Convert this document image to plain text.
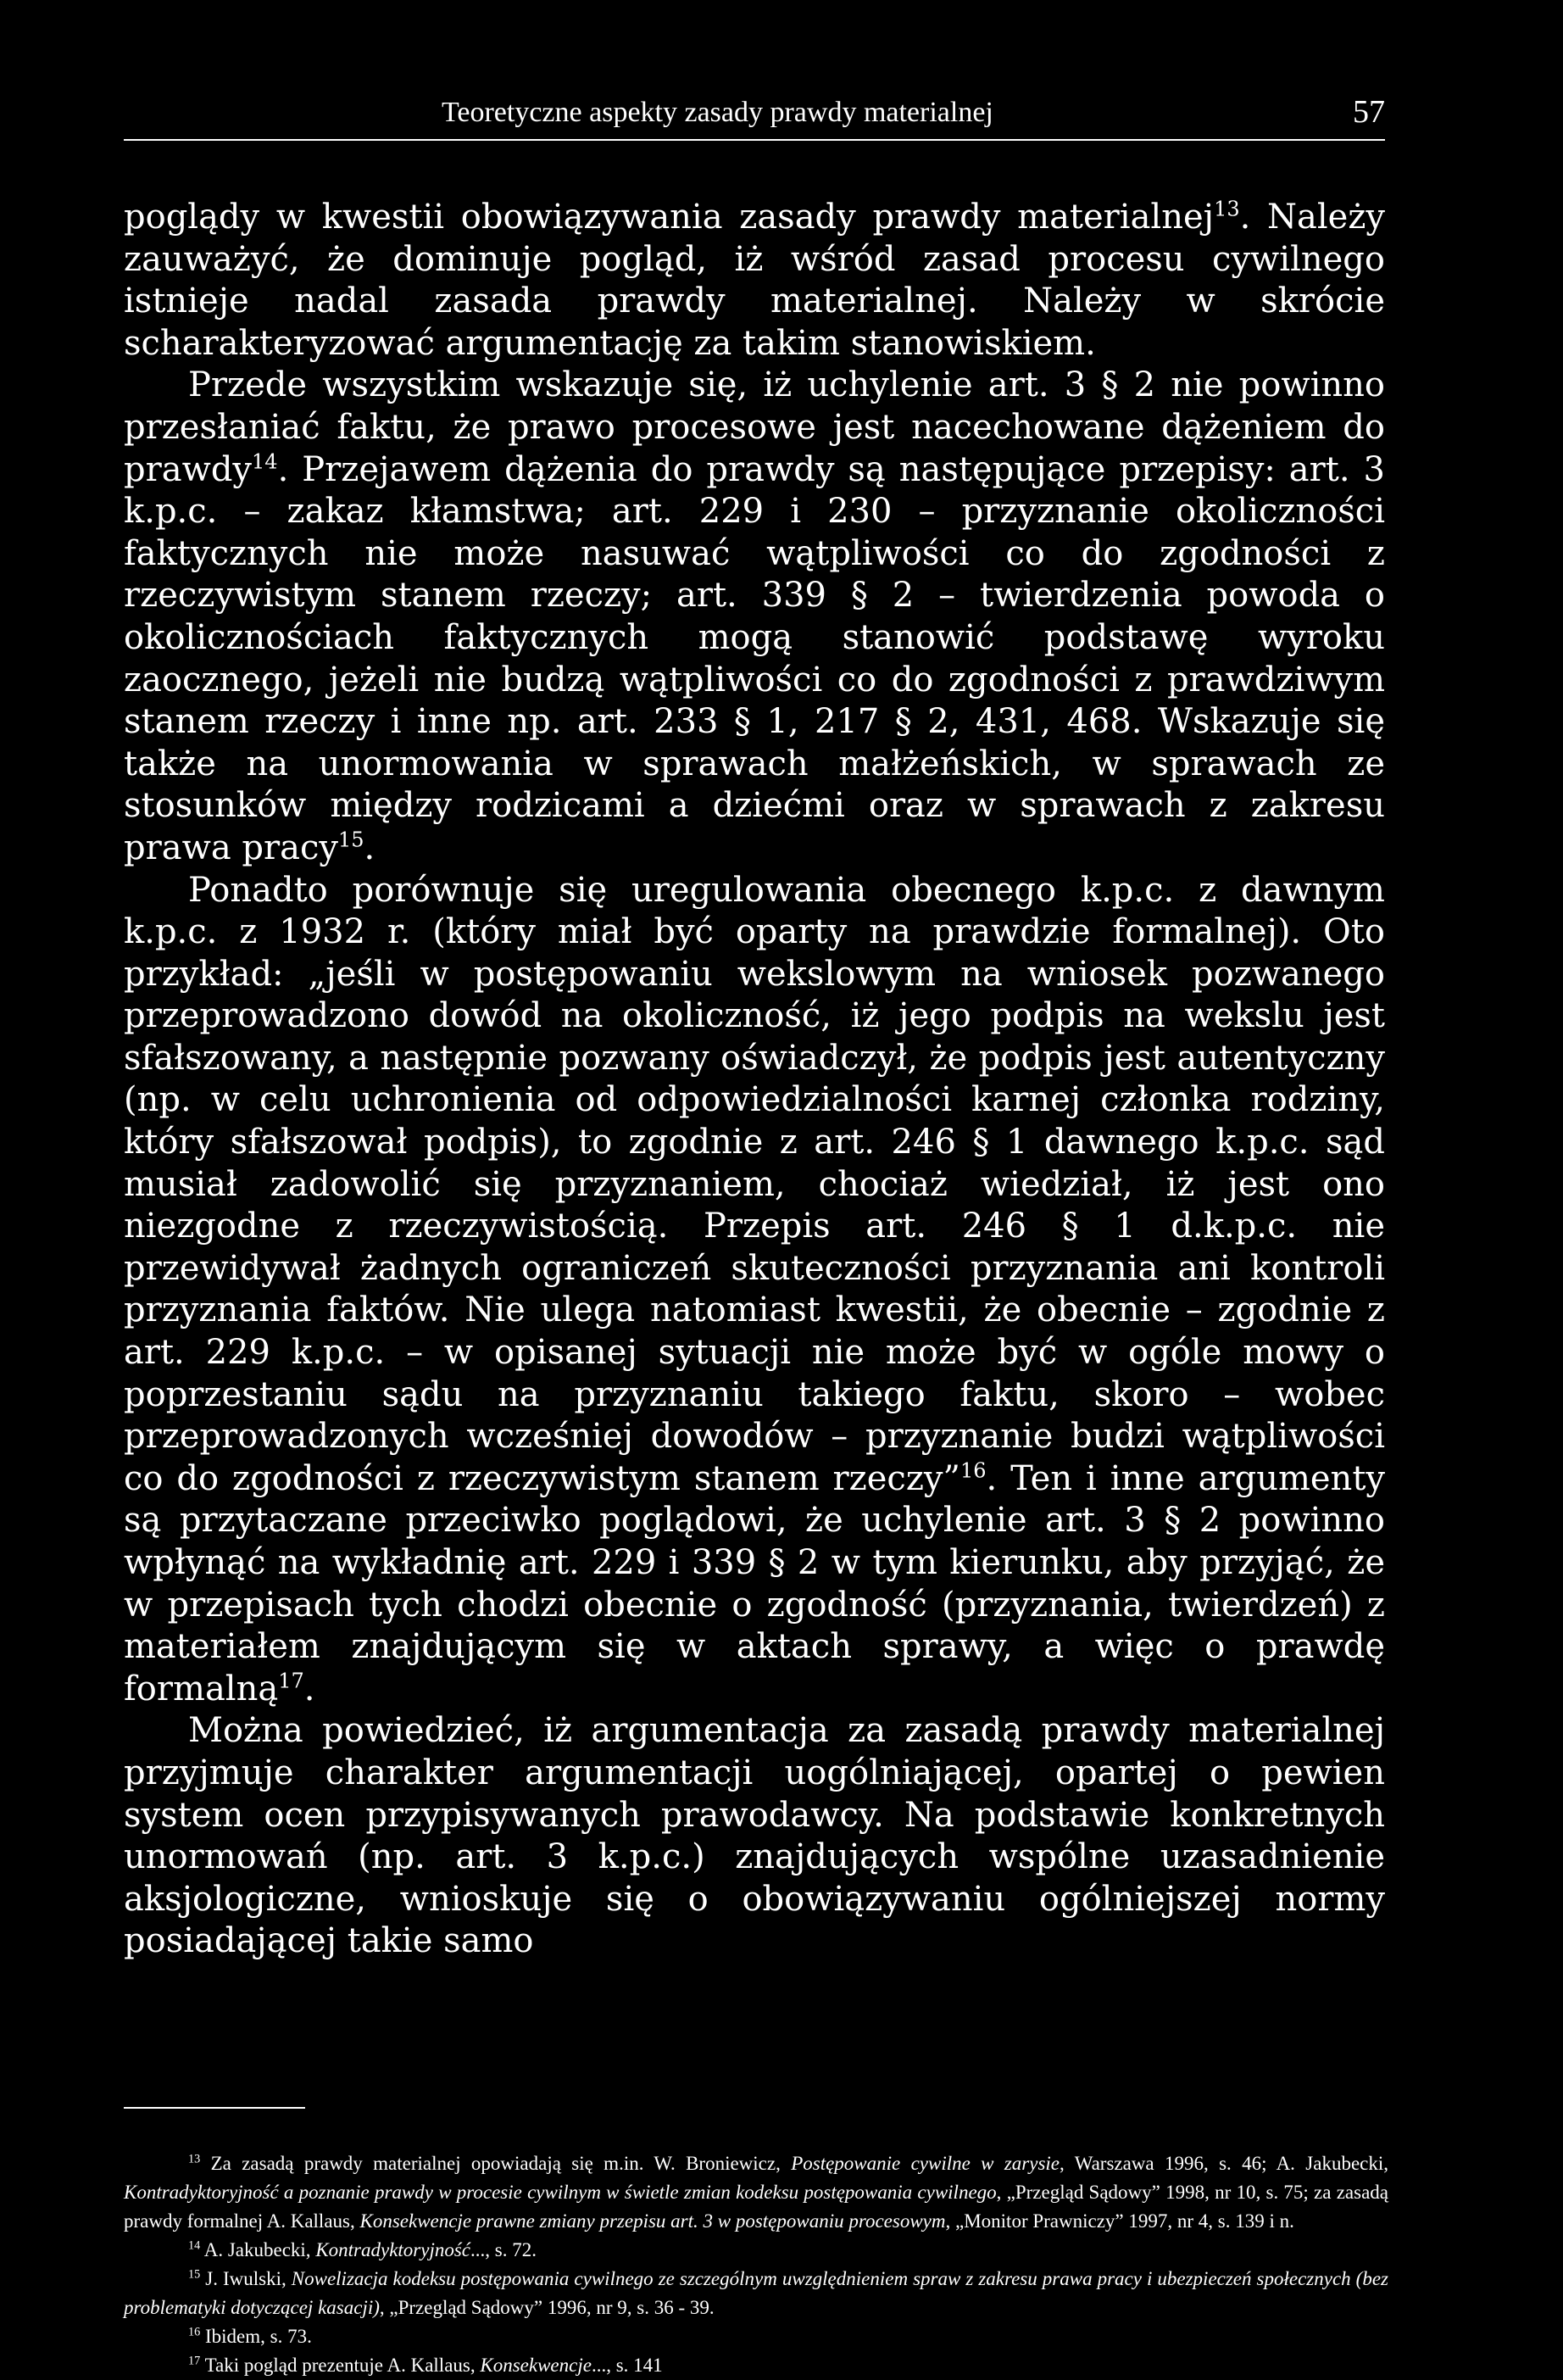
Teoretyczne aspekty zasady prawdy materialnej	57

poglądy w kwestii obowiązywania zasady prawdy materialnej$^{13}$. Należy zauważyć, że dominuje pogląd, iż wśród zasad procesu cywilnego istnieje nadal zasada prawdy materialnej. Należy w skrócie scharakteryzować argumentację za takim stanowiskiem.

Przede wszystkim wskazuje się, iż uchylenie art. 3 § 2 nie powinno przesłaniać faktu, że prawo procesowe jest nacechowane dążeniem do prawdy$^{14}$. Przejawem dążenia do prawdy są następujące przepisy: art. 3 k.p.c. – zakaz kłamstwa; art. 229 i 230 – przyznanie okoliczności faktycznych nie może nasuwać wątpliwości co do zgodności z rzeczywistym stanem rzeczy; art. 339 § 2 – twierdzenia powoda o okolicznościach faktycznych mogą stanowić podstawę wyroku zaocznego, jeżeli nie budzą wątpliwości co do zgodności z prawdziwym stanem rzeczy i inne np. art. 233 § 1, 217 § 2, 431, 468. Wskazuje się także na unormowania w sprawach małżeńskich, w sprawach ze stosunków między rodzicami a dziećmi oraz w sprawach z zakresu prawa pracy$^{15}$.

Ponadto porównuje się uregulowania obecnego k.p.c. z dawnym k.p.c. z 1932 r. (który miał być oparty na prawdzie formalnej). Oto przykład: „jeśli w postępowaniu wekslowym na wniosek pozwanego przeprowadzono dowód na okoliczność, iż jego podpis na wekslu jest sfałszowany, a następnie pozwany oświadczył, że podpis jest autentyczny (np. w celu uchronienia od odpowiedzialności karnej członka rodziny, który sfałszował podpis), to zgodnie z art. 246 § 1 dawnego k.p.c. sąd musiał zadowolić się przyznaniem, chociaż wiedział, iż jest ono niezgodne z rzeczywistością. Przepis art. 246 § 1 d.k.p.c. nie przewidywał żadnych ograniczeń skuteczności przyznania ani kontroli przyznania faktów. Nie ulega natomiast kwestii, że obecnie – zgodnie z art. 229 k.p.c. – w opisanej sytuacji nie może być w ogóle mowy o poprzestaniu sądu na przyznaniu takiego faktu, skoro – wobec przeprowadzonych wcześniej dowodów – przyznanie budzi wątpliwości co do zgodności z rzeczywistym stanem rzeczy”$^{16}$. Ten i inne argumenty są przytaczane przeciwko poglądowi, że uchylenie art. 3 § 2 powinno wpłynąć na wykładnię art. 229 i 339 § 2 w tym kierunku, aby przyjąć, że w przepisach tych chodzi obecnie o zgodność (przyznania, twierdzeń) z materiałem znajdującym się w aktach sprawy, a więc o prawdę formalną$^{17}$.

Można powiedzieć, iż argumentacja za zasadą prawdy materialnej przyjmuje charakter argumentacji uogólniającej, opartej o pewien system ocen przypisywanych prawodawcy. Na podstawie konkretnych unormowań (np. art. 3 k.p.c.) znajdujących wspólne uzasadnienie aksjologiczne, wnioskuje się o obowiązywaniu ogólniejszej normy posiadającej takie samo

$^{13}$ Za zasadą prawdy materialnej opowiadają się m.in. W. Broniewicz, Postępowanie cywilne w zarysie, Warszawa 1996, s. 46; A. Jakubecki, Kontradyktoryjność a poznanie prawdy w procesie cywilnym w świetle zmian kodeksu postępowania cywilnego, „Przegląd Sądowy” 1998, nr 10, s. 75; za zasadą prawdy formalnej A. Kallaus, Konsekwencje prawne zmiany przepisu art. 3 w postępowaniu procesowym, „Monitor Prawniczy” 1997, nr 4, s. 139 i n.

$^{14}$ A. Jakubecki, Kontradyktoryjność..., s. 72.

$^{15}$ J. Iwulski, Nowelizacja kodeksu postępowania cywilnego ze szczególnym uwzględnieniem spraw z zakresu prawa pracy i ubezpieczeń społecznych (bez problematyki dotyczącej kasacji), „Przegląd Sądowy” 1996, nr 9, s. 36 - 39.

$^{16}$ Ibidem, s. 73.

$^{17}$ Taki pogląd prezentuje A. Kallaus, Konsekwencje..., s. 141
